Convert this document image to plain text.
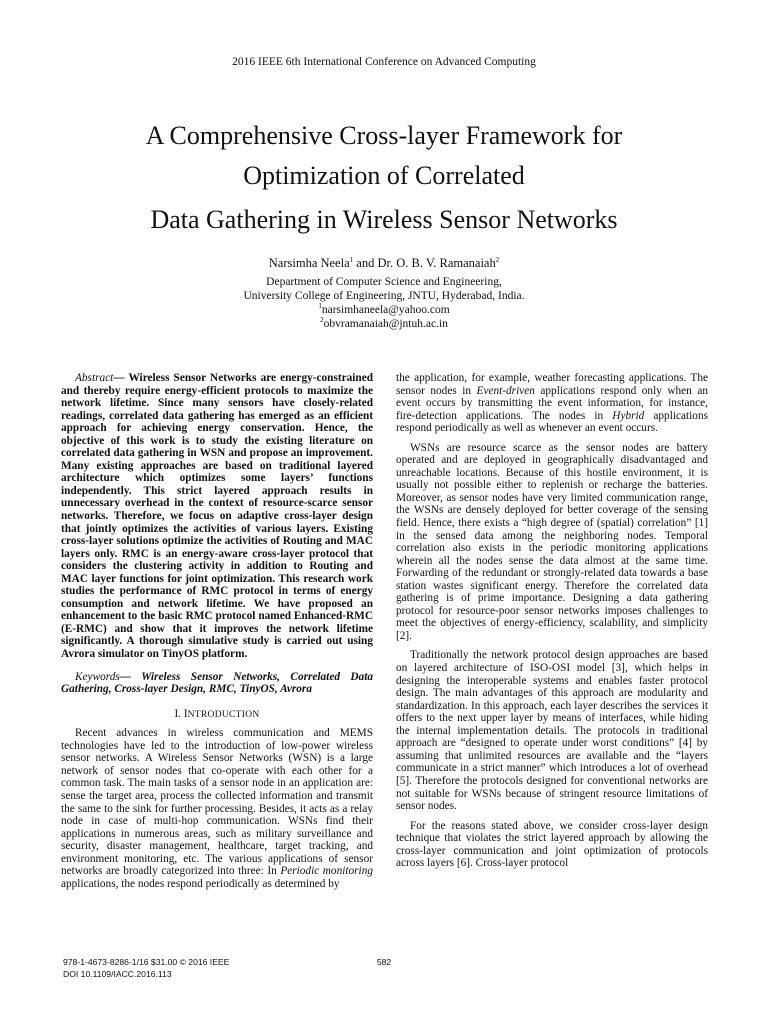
2016 IEEE 6th International Conference on Advanced Computing
A Comprehensive Cross-layer Framework for
Optimization of Correlated
Data Gathering in Wireless Sensor Networks
Narsimha Neela$^1$ and Dr. O. B. V. Ramanaiah$^2$
Department of Computer Science and Engineering,
University College of Engineering, JNTU, Hyderabad, India.
$^1$narsimhaneela@yahoo.com
$^2$obvramanaiah@jntuh.ac.in

Abstract— Wireless Sensor Networks are energy-constrained and thereby require energy-efficient protocols to maximize the network lifetime. Since many sensors have closely-related readings, correlated data gathering has emerged as an efficient approach for achieving energy conservation. Hence, the objective of this work is to study the existing literature on correlated data gathering in WSN and propose an improvement. Many existing approaches are based on traditional layered architecture which optimizes some layers’ functions independently. This strict layered approach results in unnecessary overhead in the context of resource-scarce sensor networks. Therefore, we focus on adaptive cross-layer design that jointly optimizes the activities of various layers. Existing cross-layer solutions optimize the activities of Routing and MAC layers only. RMC is an energy-aware cross-layer protocol that considers the clustering activity in addition to Routing and MAC layer functions for joint optimization. This research work studies the performance of RMC protocol in terms of energy consumption and network lifetime. We have proposed an enhancement to the basic RMC protocol named Enhanced-RMC (E-RMC) and show that it improves the network lifetime significantly. A thorough simulative study is carried out using Avrora simulator on TinyOS platform.

Keywords— Wireless Sensor Networks, Correlated Data Gathering, Cross-layer Design, RMC, TinyOS, Avrora

I. INTRODUCTION

Recent advances in wireless communication and MEMS technologies have led to the introduction of low-power wireless sensor networks. A Wireless Sensor Networks (WSN) is a large network of sensor nodes that co-operate with each other for a common task. The main tasks of a sensor node in an application are: sense the target area, process the collected information and transmit the same to the sink for further processing. Besides, it acts as a relay node in case of multi-hop communication. WSNs find their applications in numerous areas, such as military surveillance and security, disaster management, healthcare, target tracking, and environment monitoring, etc. The various applications of sensor networks are broadly categorized into three: In Periodic monitoring applications, the nodes respond periodically as determined by

the application, for example, weather forecasting applications. The sensor nodes in Event-driven applications respond only when an event occurs by transmitting the event information, for instance, fire-detection applications. The nodes in Hybrid applications respond periodically as well as whenever an event occurs.

WSNs are resource scarce as the sensor nodes are battery operated and are deployed in geographically disadvantaged and unreachable locations. Because of this hostile environment, it is usually not possible either to replenish or recharge the batteries. Moreover, as sensor nodes have very limited communication range, the WSNs are densely deployed for better coverage of the sensing field. Hence, there exists a “high degree of (spatial) correlation” [1] in the sensed data among the neighboring nodes. Temporal correlation also exists in the periodic monitoring applications wherein all the nodes sense the data almost at the same time. Forwarding of the redundant or strongly-related data towards a base station wastes significant energy. Therefore the correlated data gathering is of prime importance. Designing a data gathering protocol for resource-poor sensor networks imposes challenges to meet the objectives of energy-efficiency, scalability, and simplicity [2].

Traditionally the network protocol design approaches are based on layered architecture of ISO-OSI model [3], which helps in designing the interoperable systems and enables faster protocol design. The main advantages of this approach are modularity and standardization. In this approach, each layer describes the services it offers to the next upper layer by means of interfaces, while hiding the internal implementation details. The protocols in traditional approach are “designed to operate under worst conditions” [4] by assuming that unlimited resources are available and the “layers communicate in a strict manner” which introduces a lot of overhead [5]. Therefore the protocols designed for conventional networks are not suitable for WSNs because of stringent resource limitations of sensor nodes.

For the reasons stated above, we consider cross-layer design technique that violates the strict layered approach by allowing the cross-layer communication and joint optimization of protocols across layers [6]. Cross-layer protocol

978-1-4673-8286-1/16 $31.00 © 2016 IEEE
DOI 10.1109/IACC.2016.113
582
